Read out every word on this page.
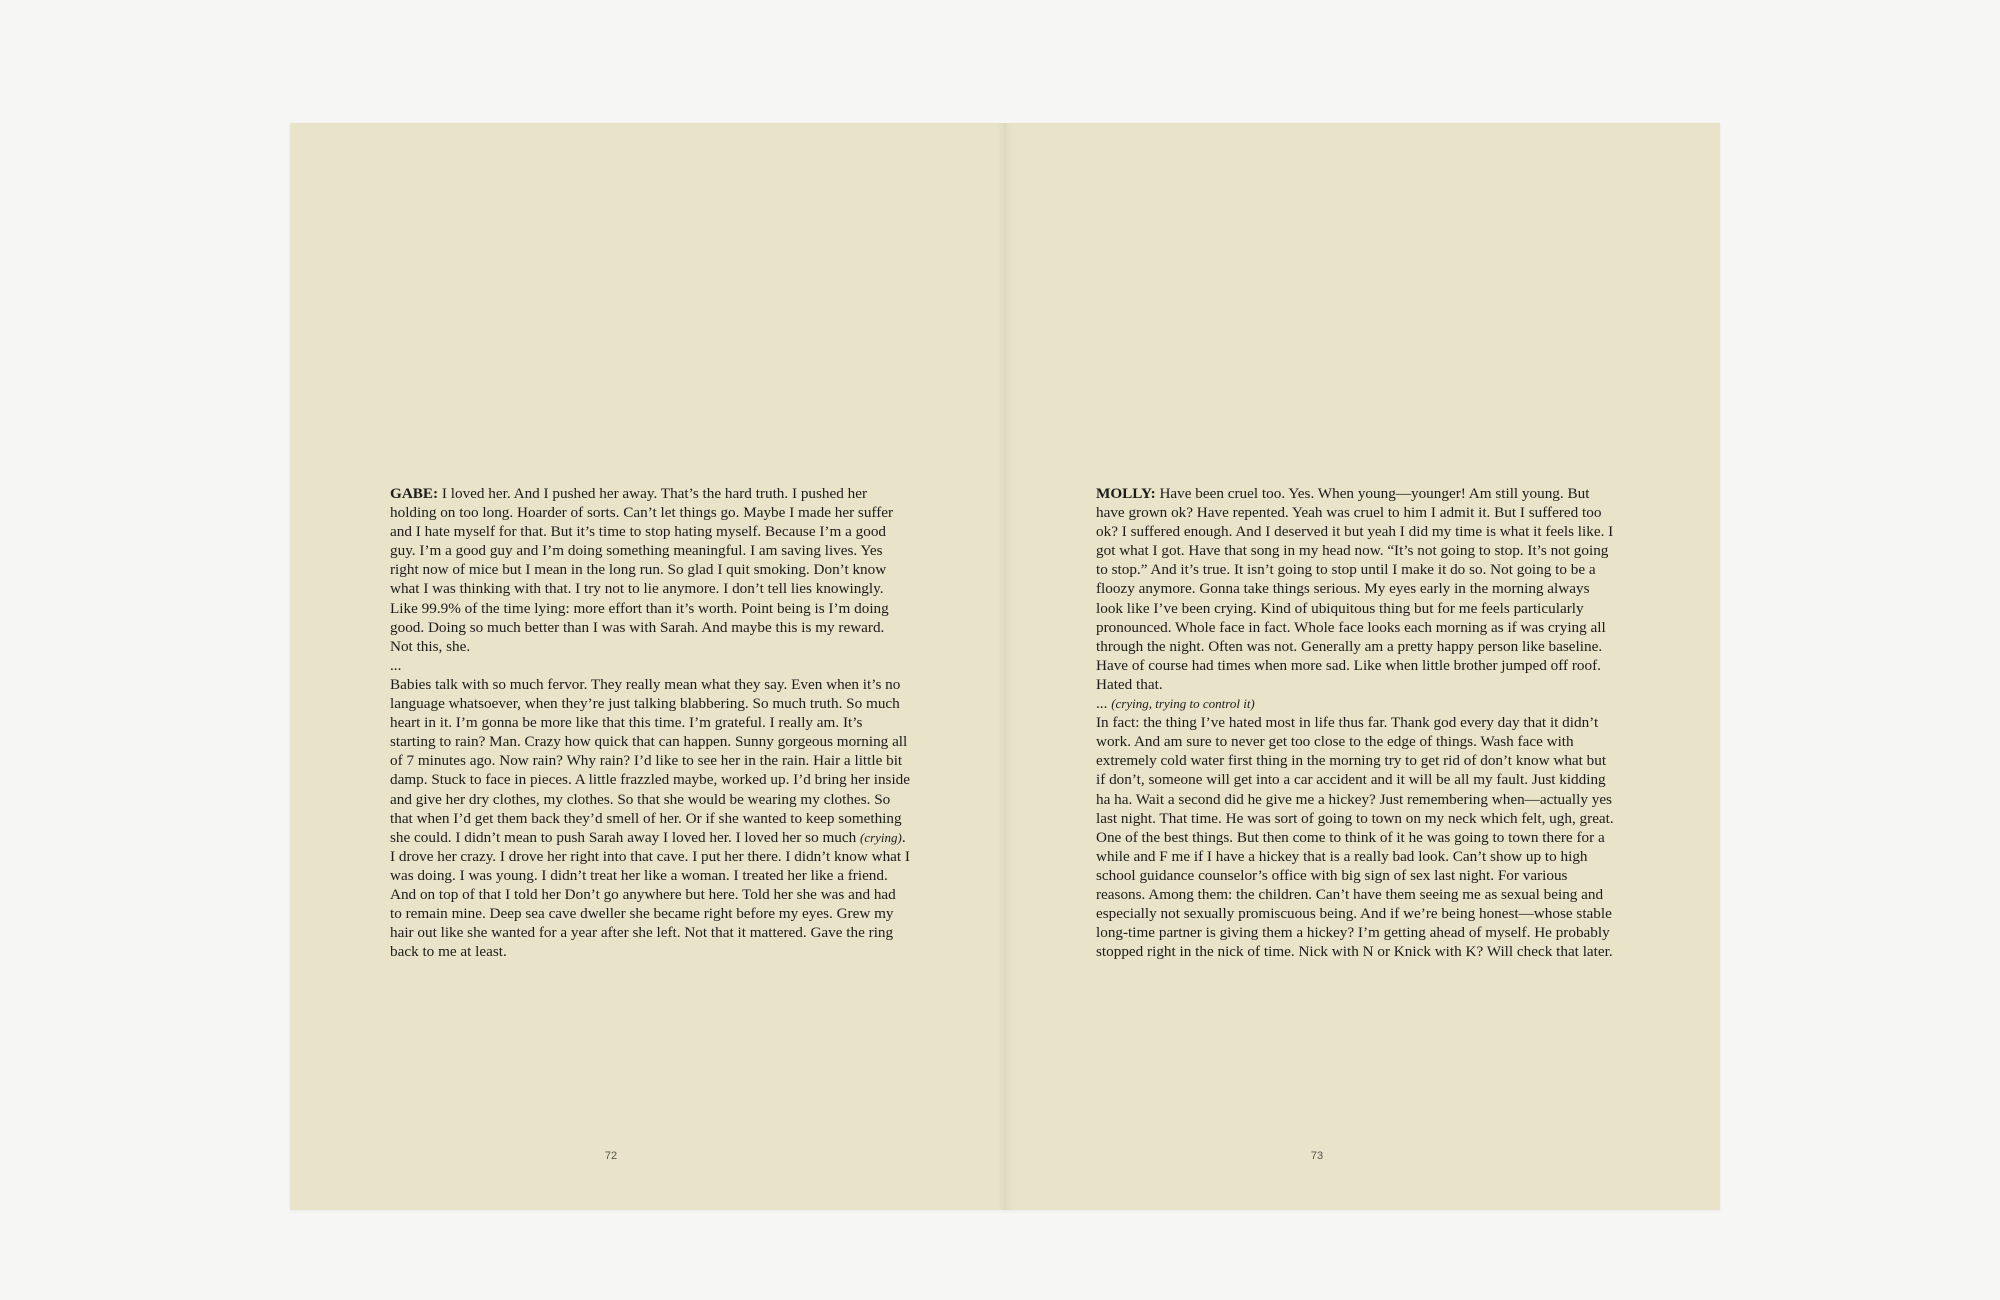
GABE: I loved her. And I pushed her away. That’s the hard truth. I pushed her holding on too long. Hoarder of sorts. Can’t let things go. Maybe I made her suffer and I hate myself for that. But it’s time to stop hating myself. Because I’m a good guy. I’m a good guy and I’m doing something meaningful. I am saving lives. Yes right now of mice but I mean in the long run. So glad I quit smoking. Don’t know what I was thinking with that. I try not to lie anymore. I don’t tell lies knowingly. Like 99.9% of the time lying: more effort than it’s worth. Point being is I’m doing good. Doing so much better than I was with Sarah. And maybe this is my reward. Not this, she.

...

Babies talk with so much fervor. They really mean what they say. Even when it’s no language whatsoever, when they’re just talking blabbering. So much truth. So much heart in it. I’m gonna be more like that this time. I’m grateful. I really am. It’s starting to rain? Man. Crazy how quick that can happen. Sunny gorgeous morning all of 7 minutes ago. Now rain? Why rain? I’d like to see her in the rain. Hair a little bit damp. Stuck to face in pieces. A little frazzled maybe, worked up. I’d bring her inside and give her dry clothes, my clothes. So that she would be wearing my clothes. So that when I’d get them back they’d smell of her. Or if she wanted to keep something she could. I didn’t mean to push Sarah away I loved her. I loved her so much (crying). I drove her crazy. I drove her right into that cave. I put her there. I didn’t know what I was doing. I was young. I didn’t treat her like a woman. I treated her like a friend. And on top of that I told her Don’t go anywhere but here. Told her she was and had to remain mine. Deep sea cave dweller she became right before my eyes. Grew my hair out like she wanted for a year after she left. Not that it mattered. Gave the ring back to me at least.

72

MOLLY: Have been cruel too. Yes. When young—younger! Am still young. But have grown ok? Have repented. Yeah was cruel to him I admit it. But I suffered too ok? I suffered enough. And I deserved it but yeah I did my time is what it feels like. I got what I got. Have that song in my head now. “It’s not going to stop. It’s not going to stop.” And it’s true. It isn’t going to stop until I make it do so. Not going to be a floozy anymore. Gonna take things serious. My eyes early in the morning always look like I’ve been crying. Kind of ubiquitous thing but for me feels particularly pronounced. Whole face in fact. Whole face looks each morning as if was crying all through the night. Often was not. Generally am a pretty happy person like baseline. Have of course had times when more sad. Like when little brother jumped off roof. Hated that.

... (crying, trying to control it)

In fact: the thing I’ve hated most in life thus far. Thank god every day that it didn’t work. And am sure to never get too close to the edge of things. Wash face with extremely cold water first thing in the morning try to get rid of don’t know what but if don’t, someone will get into a car accident and it will be all my fault. Just kidding ha ha. Wait a second did he give me a hickey? Just remembering when—actually yes last night. That time. He was sort of going to town on my neck which felt, ugh, great. One of the best things. But then come to think of it he was going to town there for a while and F me if I have a hickey that is a really bad look. Can’t show up to high school guidance counselor’s office with big sign of sex last night. For various reasons. Among them: the children. Can’t have them seeing me as sexual being and especially not sexually promiscuous being. And if we’re being honest—whose stable long-time partner is giving them a hickey? I’m getting ahead of myself. He probably stopped right in the nick of time. Nick with N or Knick with K? Will check that later.

73
